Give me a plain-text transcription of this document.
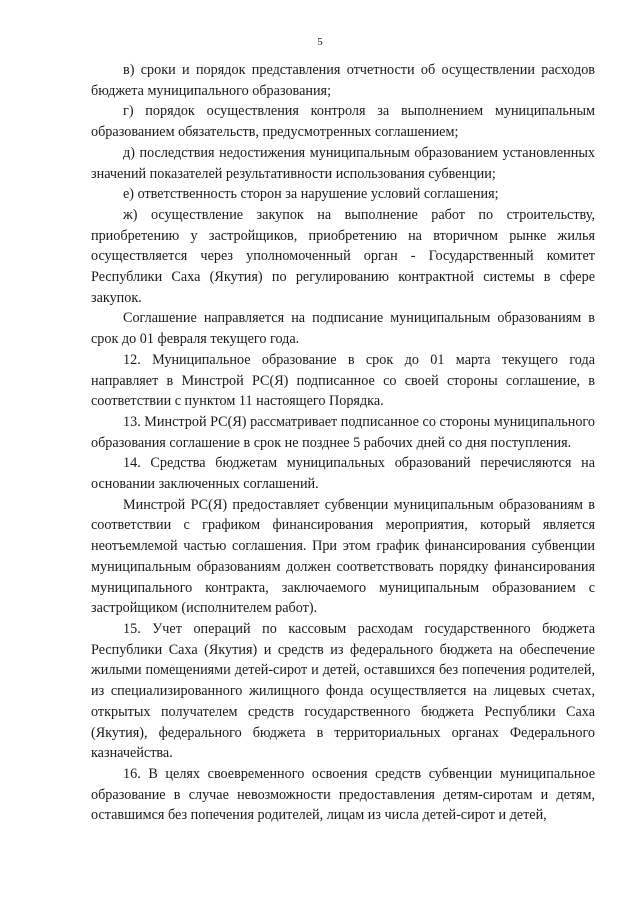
5

в) сроки и порядок представления отчетности об осуществлении расходов бюджета муниципального образования;

г) порядок осуществления контроля за выполнением муниципальным образованием обязательств, предусмотренных соглашением;

д) последствия недостижения муниципальным образованием установленных значений показателей результативности использования субвенции;

е) ответственность сторон за нарушение условий соглашения;

ж) осуществление закупок на выполнение работ по строительству, приобретению у застройщиков, приобретению на вторичном рынке жилья осуществляется через уполномоченный орган - Государственный комитет Республики Саха (Якутия) по регулированию контрактной системы в сфере закупок.

Соглашение направляется на подписание муниципальным образованиям в срок до 01 февраля текущего года.

12. Муниципальное образование в срок до 01 марта текущего года направляет в Минстрой РС(Я) подписанное со своей стороны соглашение, в соответствии с пунктом 11 настоящего Порядка.

13. Минстрой РС(Я) рассматривает подписанное со стороны муниципального образования соглашение в срок не позднее 5 рабочих дней со дня поступления.

14. Средства бюджетам муниципальных образований перечисляются на основании заключенных соглашений.

Минстрой РС(Я) предоставляет субвенции муниципальным образованиям в соответствии с графиком финансирования мероприятия, который является неотъемлемой частью соглашения. При этом график финансирования субвенции муниципальным образованиям должен соответствовать порядку финансирования муниципального контракта, заключаемого муниципальным образованием с застройщиком (исполнителем работ).

15. Учет операций по кассовым расходам государственного бюджета Республики Саха (Якутия) и средств из федерального бюджета на обеспечение жилыми помещениями детей-сирот и детей, оставшихся без попечения родителей, из специализированного жилищного фонда осуществляется на лицевых счетах, открытых получателем средств государственного бюджета Республики Саха (Якутия), федерального бюджета в территориальных органах Федерального казначейства.

16. В целях своевременного освоения средств субвенции муниципальное образование в случае невозможности предоставления детям-сиротам и детям, оставшимся без попечения родителей, лицам из числа детей-сирот и детей,
